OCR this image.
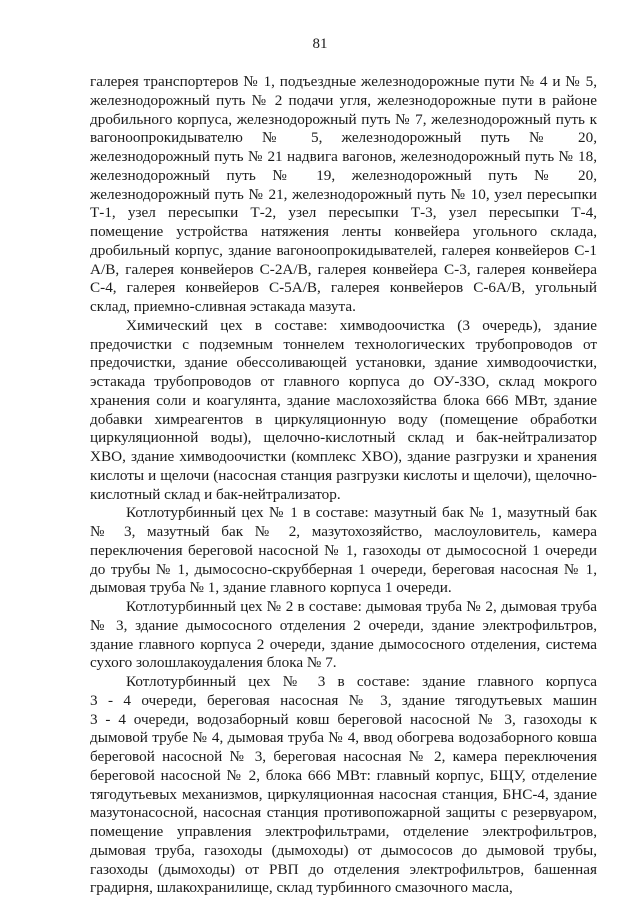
81
галерея транспортеров № 1, подъездные железнодорожные пути № 4 и № 5,
железнодорожный путь № 2 подачи угля, железнодорожные пути в районе
дробильного корпуса, железнодорожный путь № 7, железнодорожный путь к
вагоноопрокидывателю № 5, железнодорожный путь № 20,
железнодорожный путь № 21 надвига вагонов, железнодорожный путь № 18,
железнодорожный путь № 19, железнодорожный путь № 20,
железнодорожный путь № 21, железнодорожный путь № 10, узел пересыпки
Т-1, узел пересыпки Т-2, узел пересыпки Т-3, узел пересыпки Т-4,
помещение устройства натяжения ленты конвейера угольного склада,
дробильный корпус, здание вагоноопрокидывателей, галерея конвейеров С-1
А/В, галерея конвейеров С-2А/В, галерея конвейера С-3, галерея конвейера
С-4, галерея конвейеров С-5А/В, галерея конвейеров С-6А/В, угольный
склад, приемно-сливная эстакада мазута.
Химический цех в составе: химводоочистка (3 очередь), здание
предочистки с подземным тоннелем технологических трубопроводов от
предочистки, здание обессоливающей установки, здание химводоочистки,
эстакада трубопроводов от главного корпуса до ОУ-ЗЗО, склад мокрого
хранения соли и коагулянта, здание маслохозяйства блока 666 МВт, здание
добавки химреагентов в циркуляционную воду (помещение обработки
циркуляционной воды), щелочно-кислотный склад и бак-нейтрализатор
ХВО, здание химводоочистки (комплекс ХВО), здание разгрузки и хранения
кислоты и щелочи (насосная станция разгрузки кислоты и щелочи), щелочно-
кислотный склад и бак-нейтрализатор.
Котлотурбинный цех № 1 в составе: мазутный бак № 1, мазутный бак
№ 3, мазутный бак № 2, мазутохозяйство, маслоуловитель, камера
переключения береговой насосной № 1, газоходы от дымососной 1 очереди
до трубы № 1, дымососно-скрубберная 1 очереди, береговая насосная № 1,
дымовая труба № 1, здание главного корпуса 1 очереди.
Котлотурбинный цех № 2 в составе: дымовая труба № 2, дымовая труба
№ 3, здание дымососного отделения 2 очереди, здание электрофильтров,
здание главного корпуса 2 очереди, здание дымососного отделения, система
сухого золошлакоудаления блока № 7.
Котлотурбинный цех № 3 в составе: здание главного корпуса
3 - 4 очереди, береговая насосная № 3, здание тягодутьевых машин
3 - 4 очереди, водозаборный ковш береговой насосной № 3, газоходы к
дымовой трубе № 4, дымовая труба № 4, ввод обогрева водозаборного ковша
береговой насосной № 3, береговая насосная № 2, камера переключения
береговой насосной № 2, блока 666 МВт: главный корпус, БЩУ, отделение
тягодутьевых механизмов, циркуляционная насосная станция, БНС-4, здание
мазутонасосной, насосная станция противопожарной защиты с резервуаром,
помещение управления электрофильтрами, отделение электрофильтров,
дымовая труба, газоходы (дымоходы) от дымососов до дымовой трубы,
газоходы (дымоходы) от РВП до отделения электрофильтров, башенная
градирня, шлакохранилище, склад турбинного смазочного масла,
